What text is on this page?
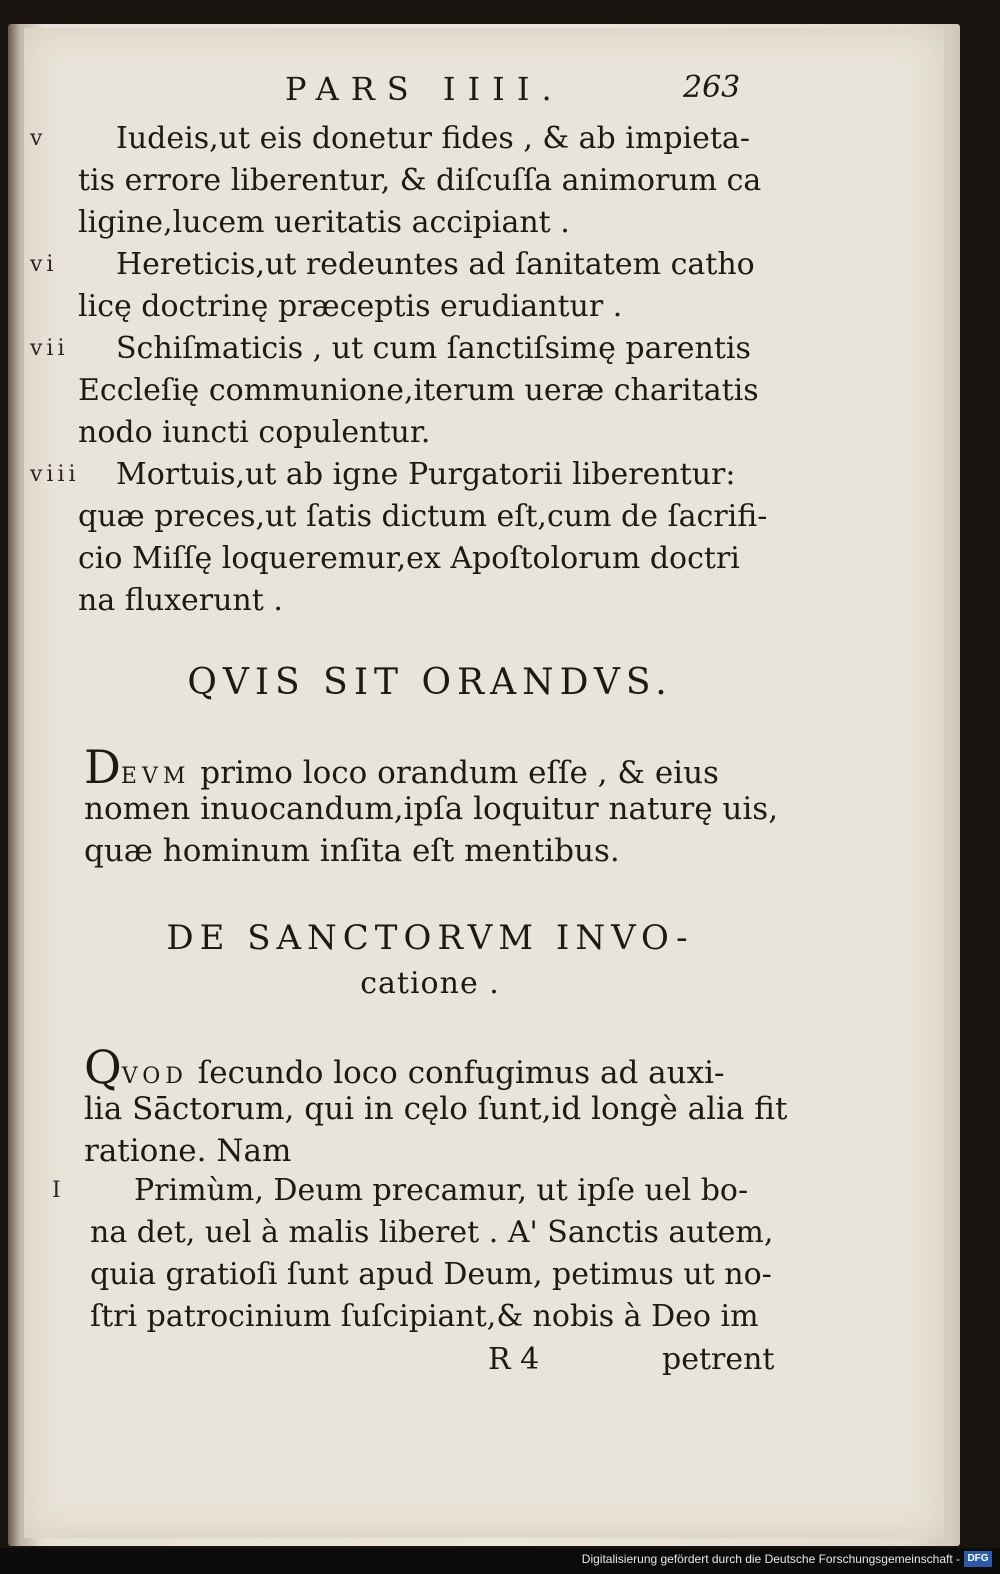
PARS IIII.	263
v Iudeis,ut eis donetur fides , & ab impieta-
tis errore liberentur, & diſcuſſa animorum ca
ligine,lucem ueritatis accipiant .
vi Hereticis,ut redeuntes ad ſanitatem catho
licę doctrinę præceptis erudiantur .
vii Schiſmaticis , ut cum ſanctiſsimę parentis
Eccleſię communione,iterum ueræ charitatis
nodo iuncti copulentur.
viii Mortuis,ut ab igne Purgatorii liberentur:
quæ preces,ut ſatis dictum eſt,cum de ſacrifi-
cio Miſſę loqueremur,ex Apoſtolorum doctri
na fluxerunt .
QVIS SIT ORANDVS.
DEVM primo loco orandum eſſe , & eius
nomen inuocandum,ipſa loquitur naturę uis,
quæ hominum inſita eſt mentibus.
DE SANCTORVM INVO-
catione .
QVOD ſecundo loco confugimus ad auxi-
lia Sāctorum, qui in cęlo ſunt,id longè alia fit
ratione. Nam
I Primùm, Deum precamur, ut ipſe uel bo-
na det, uel à malis liberet . A' Sanctis autem,
quia gratioſi ſunt apud Deum, petimus ut no-
ſtri patrocinium ſuſcipiant,& nobis à Deo im
R 4	petrent
Digitalisierung gefördert durch die Deutsche Forschungsgemeinschaft - DFG
